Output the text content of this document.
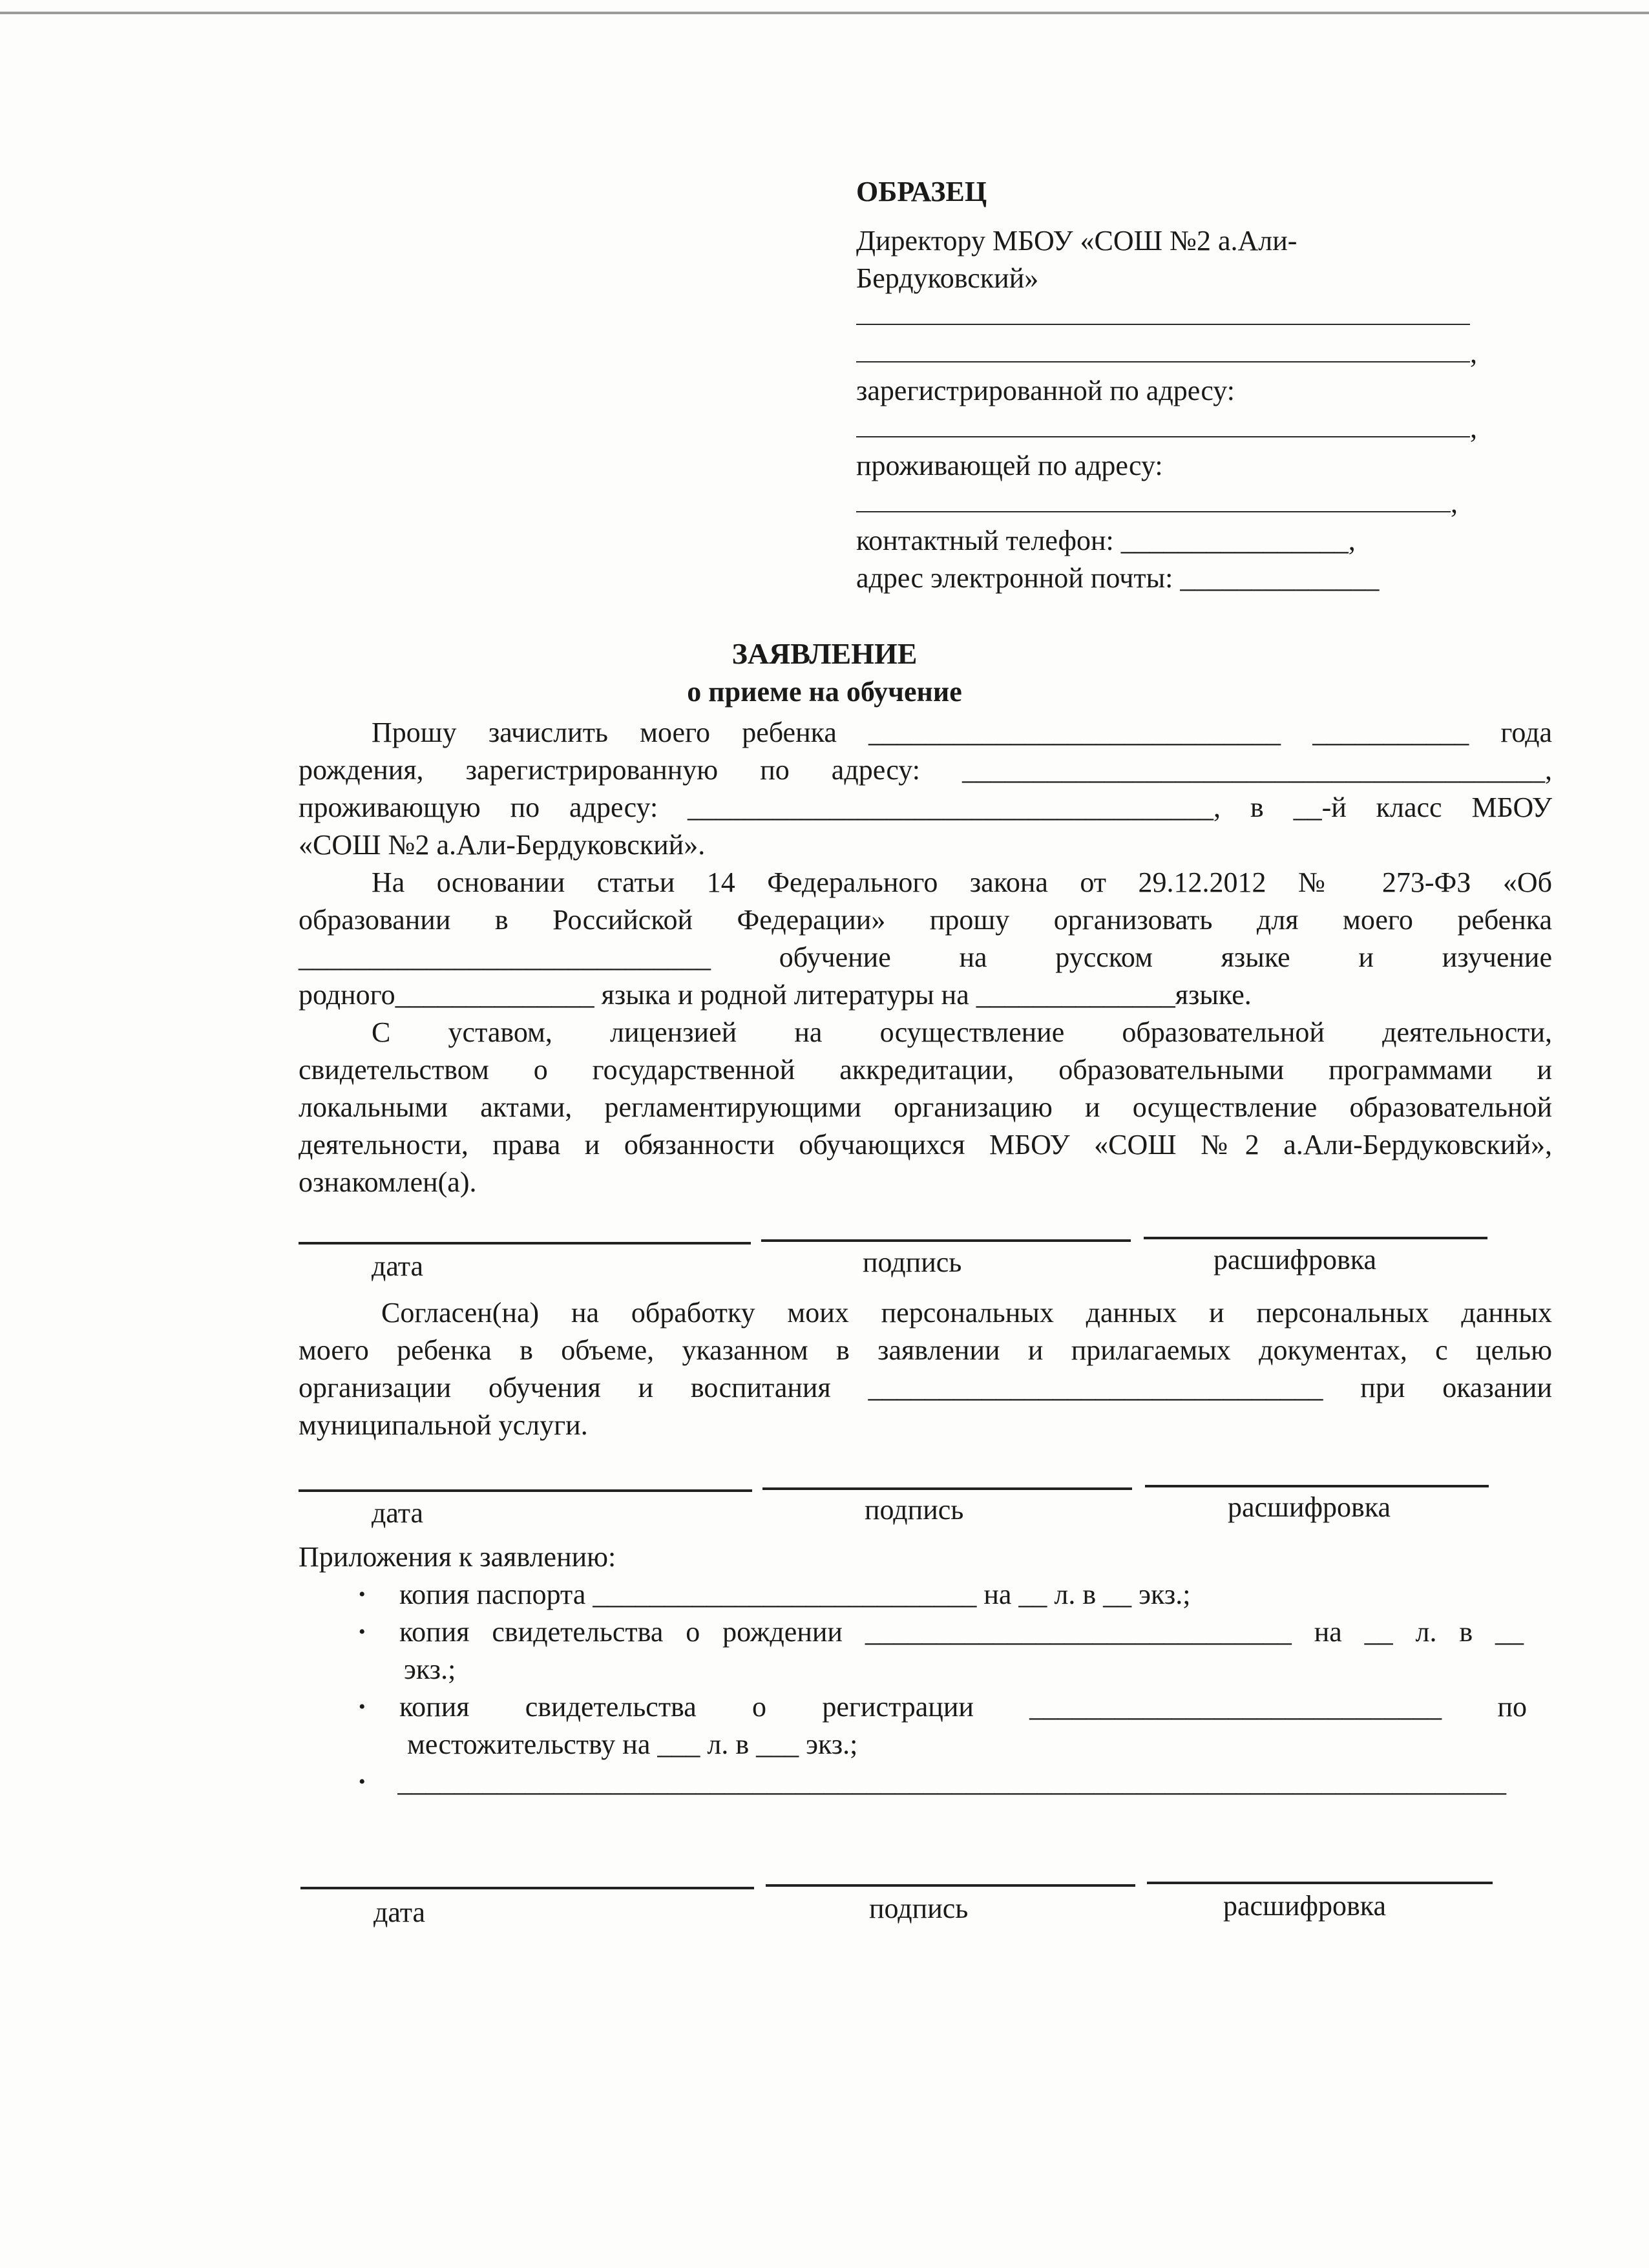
ОБРАЗЕЦ
Директору МБОУ «СОШ №2 а.Али-
Бердуковский»
,
зарегистрированной по адресу:
,
проживающей по адресу:
,
контактный телефон: ________________,
адрес электронной почты: ______________
ЗАЯВЛЕНИЕ
о приеме на обучение
Прошу зачислить моего ребенка _____________________________ ___________ года
рождения, зарегистрированную по адресу: _________________________________________,
проживающую по адресу: _____________________________________, в __-й класс МБОУ
«СОШ №2 а.Али-Бердуковский».
На основании статьи 14 Федерального закона от 29.12.2012 № 273-ФЗ «Об
образовании в Российской Федерации» прошу организовать для моего ребенка
_____________________________ обучение на русском языке и изучение
родного______________ языка и родной литературы на ______________языке.
С уставом, лицензией на осуществление образовательной деятельности,
свидетельством о государственной аккредитации, образовательными программами и
локальными актами, регламентирующими организацию и осуществление образовательной
деятельности, права и обязанности обучающихся МБОУ «СОШ №2 а.Али-Бердуковский»,
ознакомлен(а).
дата	подпись	расшифровка
Согласен(на) на обработку моих персональных данных и персональных данных
моего ребенка в объеме, указанном в заявлении и прилагаемых документах, с целью
организации обучения и воспитания ________________________________ при оказании
муниципальной услуги.
дата	подпись	расшифровка
Приложения к заявлению:
• копия паспорта ___________________________ на __ л. в __ экз.;
• копия свидетельства о рождении ______________________________ на __ л. в __
экз.;
• копия свидетельства о регистрации _____________________________ по
местожительству на ___ л. в ___ экз.;
• ______________________________________________________________________________
дата	подпись	расшифровка
